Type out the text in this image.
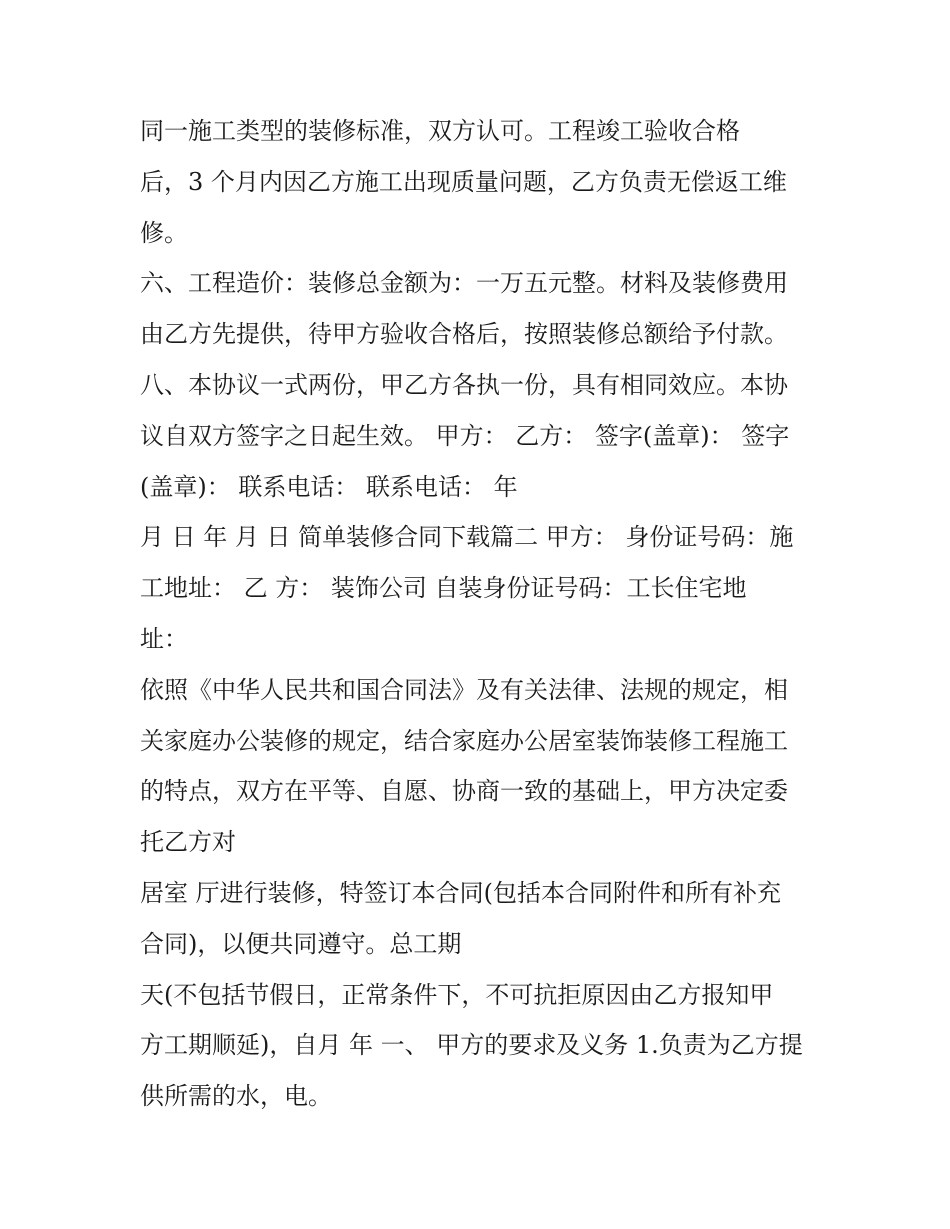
同一施工类型的装修标准，双方认可。工程竣工验收合格
后，3 个月内因乙方施工出现质量问题，乙方负责无偿返工维
修。
六、工程造价：装修总金额为：一万五元整。材料及装修费用
由乙方先提供，待甲方验收合格后，按照装修总额给予付款。
八、本协议一式两份，甲乙方各执一份，具有相同效应。本协
议自双方签字之日起生效。 甲方： 乙方： 签字(盖章)： 签字
(盖章)： 联系电话： 联系电话： 年
月 日 年 月 日 简单装修合同下载篇二 甲方： 身份证号码：施
工地址： 乙 方： 装饰公司 自装身份证号码：工长住宅地
址：
依照《中华人民共和国合同法》及有关法律、法规的规定，相
关家庭办公装修的规定，结合家庭办公居室装饰装修工程施工
的特点，双方在平等、自愿、协商一致的基础上，甲方决定委
托乙方对
居室 厅进行装修，特签订本合同(包括本合同附件和所有补充
合同)，以便共同遵守。总工期
天(不包括节假日，正常条件下，不可抗拒原因由乙方报知甲
方工期顺延)，自月 年 一、 甲方的要求及义务 1.负责为乙方提
供所需的水，电。
